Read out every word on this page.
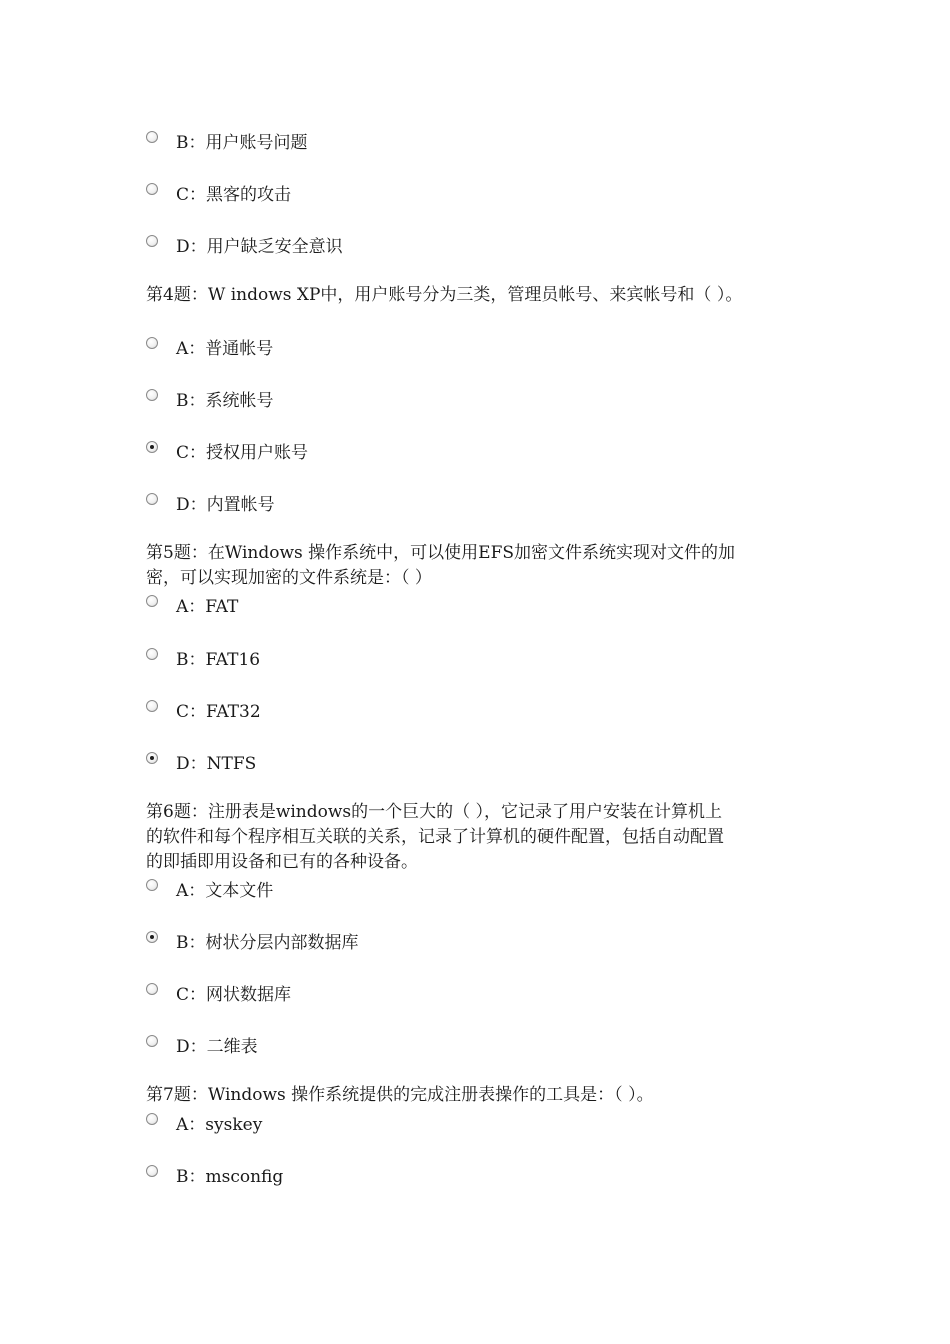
B：用户账号问题
C：黑客的攻击
D：用户缺乏安全意识
第4题：W indows XP中，用户账号分为三类，管理员帐号、来宾帐号和（ ）。
A：普通帐号
B：系统帐号
C：授权用户账号
D：内置帐号
第5题：在Windows 操作系统中，可以使用EFS加密文件系统实现对文件的加
密，可以实现加密的文件系统是：（ ）
A：FAT
B：FAT16
C：FAT32
D：NTFS
第6题：注册表是windows的一个巨大的（ ），它记录了用户安装在计算机上
的软件和每个程序相互关联的关系，记录了计算机的硬件配置，包括自动配置
的即插即用设备和已有的各种设备。
A：文本文件
B：树状分层内部数据库
C：网状数据库
D：二维表
第7题：Windows 操作系统提供的完成注册表操作的工具是：（ ）。
A：syskey
B：msconfig
